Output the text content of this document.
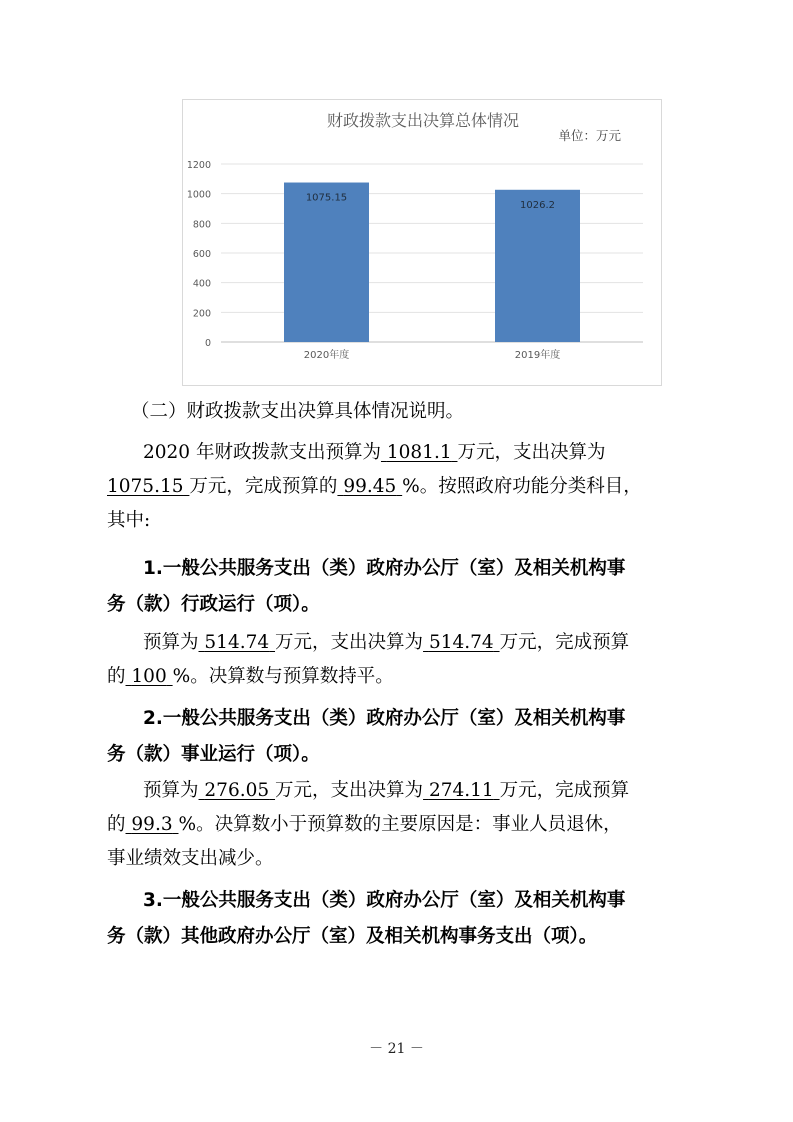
财政拨款支出决算总体情况
单位：万元
0
200
400
600
800
1000
1200
1075.15
2020年度
1026.2
2019年度

（二）财政拨款支出决算具体情况说明。

2020 年财政拨款支出预算为 1081.1 万元，支出决算为

1075.15 万元，完成预算的 99.45 %。按照政府功能分类科目，

其中:

1.一般公共服务支出（类）政府办公厅（室）及相关机构事

务（款）行政运行（项）。

预算为 514.74 万元，支出决算为 514.74 万元，完成预算

的 100 %。决算数与预算数持平。

2.一般公共服务支出（类）政府办公厅（室）及相关机构事

务（款）事业运行（项）。

预算为 276.05 万元，支出决算为 274.11 万元，完成预算

的 99.3 %。决算数小于预算数的主要原因是：事业人员退休，

事业绩效支出减少。

3.一般公共服务支出（类）政府办公厅（室）及相关机构事

务（款）其他政府办公厅（室）及相关机构事务支出（项）。

－ 21 －
